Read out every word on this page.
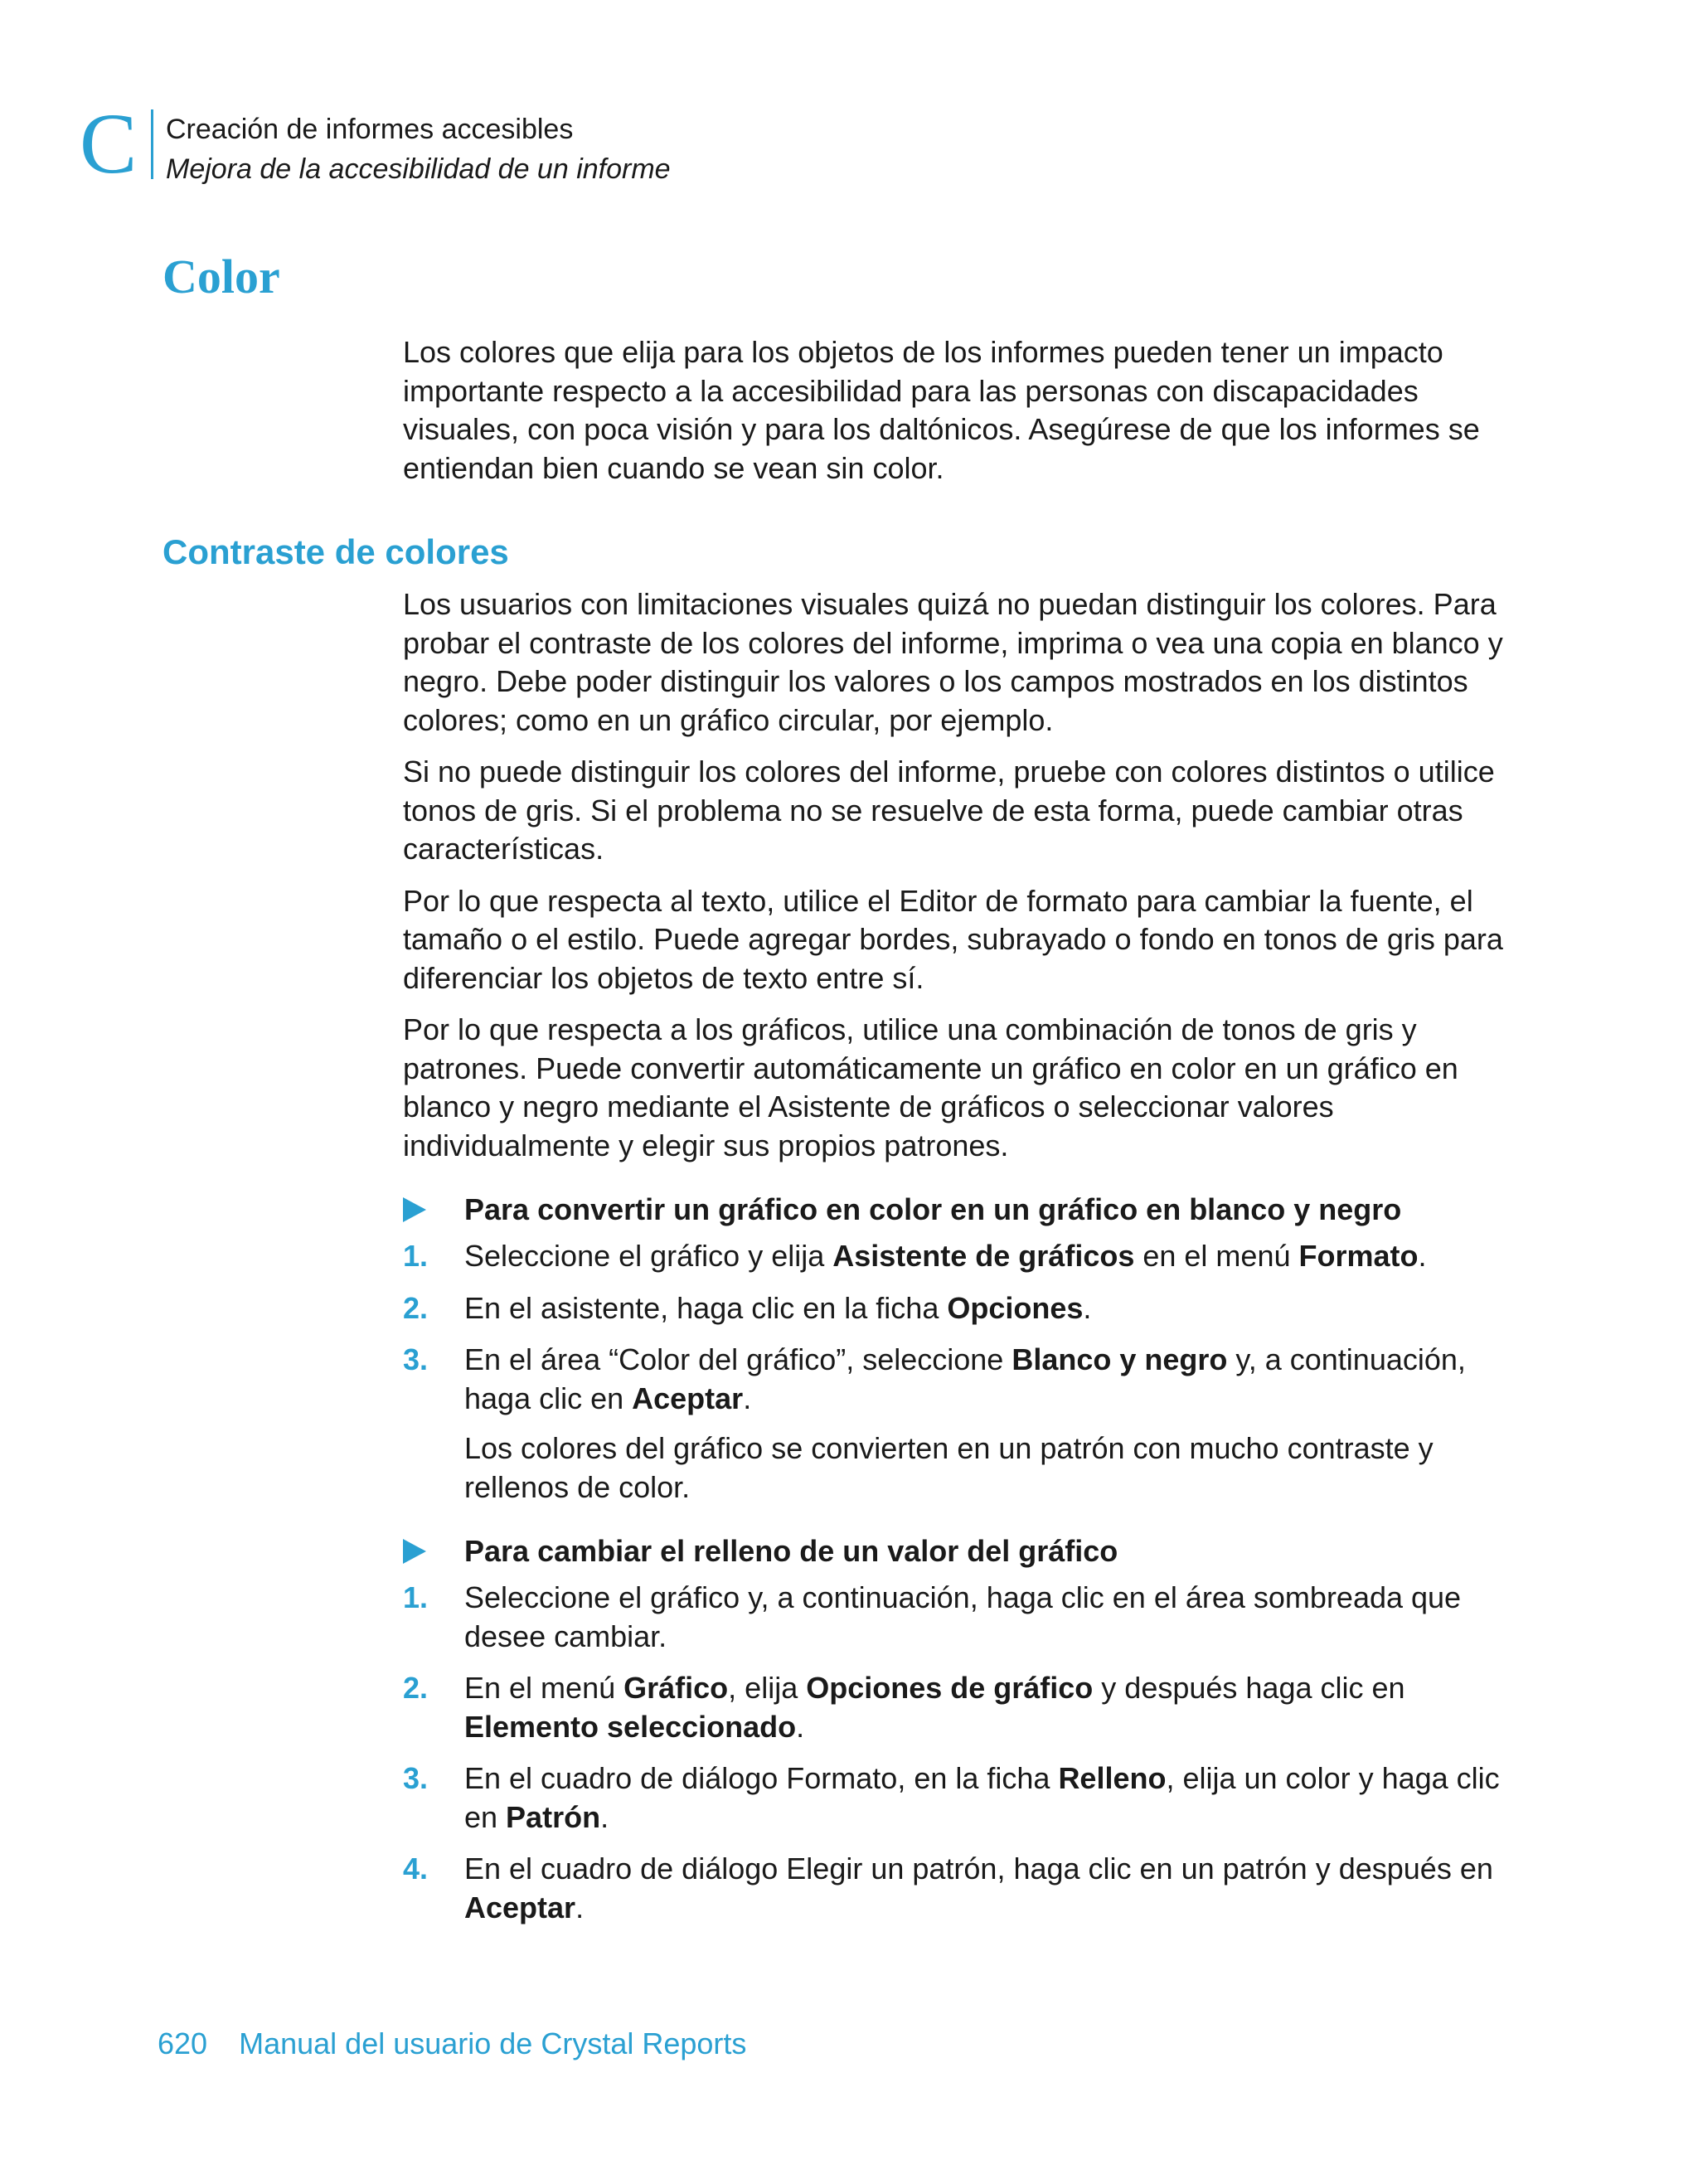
C Creación de informes accesibles
Mejora de la accesibilidad de un informe
Color

Los colores que elija para los objetos de los informes pueden tener un impacto importante respecto a la accesibilidad para las personas con discapacidades visuales, con poca visión y para los daltónicos. Asegúrese de que los informes se entiendan bien cuando se vean sin color.

Contraste de colores

Los usuarios con limitaciones visuales quizá no puedan distinguir los colores. Para probar el contraste de los colores del informe, imprima o vea una copia en blanco y negro. Debe poder distinguir los valores o los campos mostrados en los distintos colores; como en un gráfico circular, por ejemplo.

Si no puede distinguir los colores del informe, pruebe con colores distintos o utilice tonos de gris. Si el problema no se resuelve de esta forma, puede cambiar otras características.

Por lo que respecta al texto, utilice el Editor de formato para cambiar la fuente, el tamaño o el estilo. Puede agregar bordes, subrayado o fondo en tonos de gris para diferenciar los objetos de texto entre sí.

Por lo que respecta a los gráficos, utilice una combinación de tonos de gris y patrones. Puede convertir automáticamente un gráfico en color en un gráfico en blanco y negro mediante el Asistente de gráficos o seleccionar valores individualmente y elegir sus propios patrones.

Para convertir un gráfico en color en un gráfico en blanco y negro
1.	Seleccione el gráfico y elija Asistente de gráficos en el menú Formato.
2.	En el asistente, haga clic en la ficha Opciones.
3.	En el área “Color del gráfico”, seleccione Blanco y negro y, a continuación, haga clic en Aceptar.
Los colores del gráfico se convierten en un patrón con mucho contraste y rellenos de color.
Para cambiar el relleno de un valor del gráfico
1.	Seleccione el gráfico y, a continuación, haga clic en el área sombreada que desee cambiar.
2.	En el menú Gráfico, elija Opciones de gráfico y después haga clic en Elemento seleccionado.
3.	En el cuadro de diálogo Formato, en la ficha Relleno, elija un color y haga clic en Patrón.
4.	En el cuadro de diálogo Elegir un patrón, haga clic en un patrón y después en Aceptar.
620 Manual del usuario de Crystal Reports
